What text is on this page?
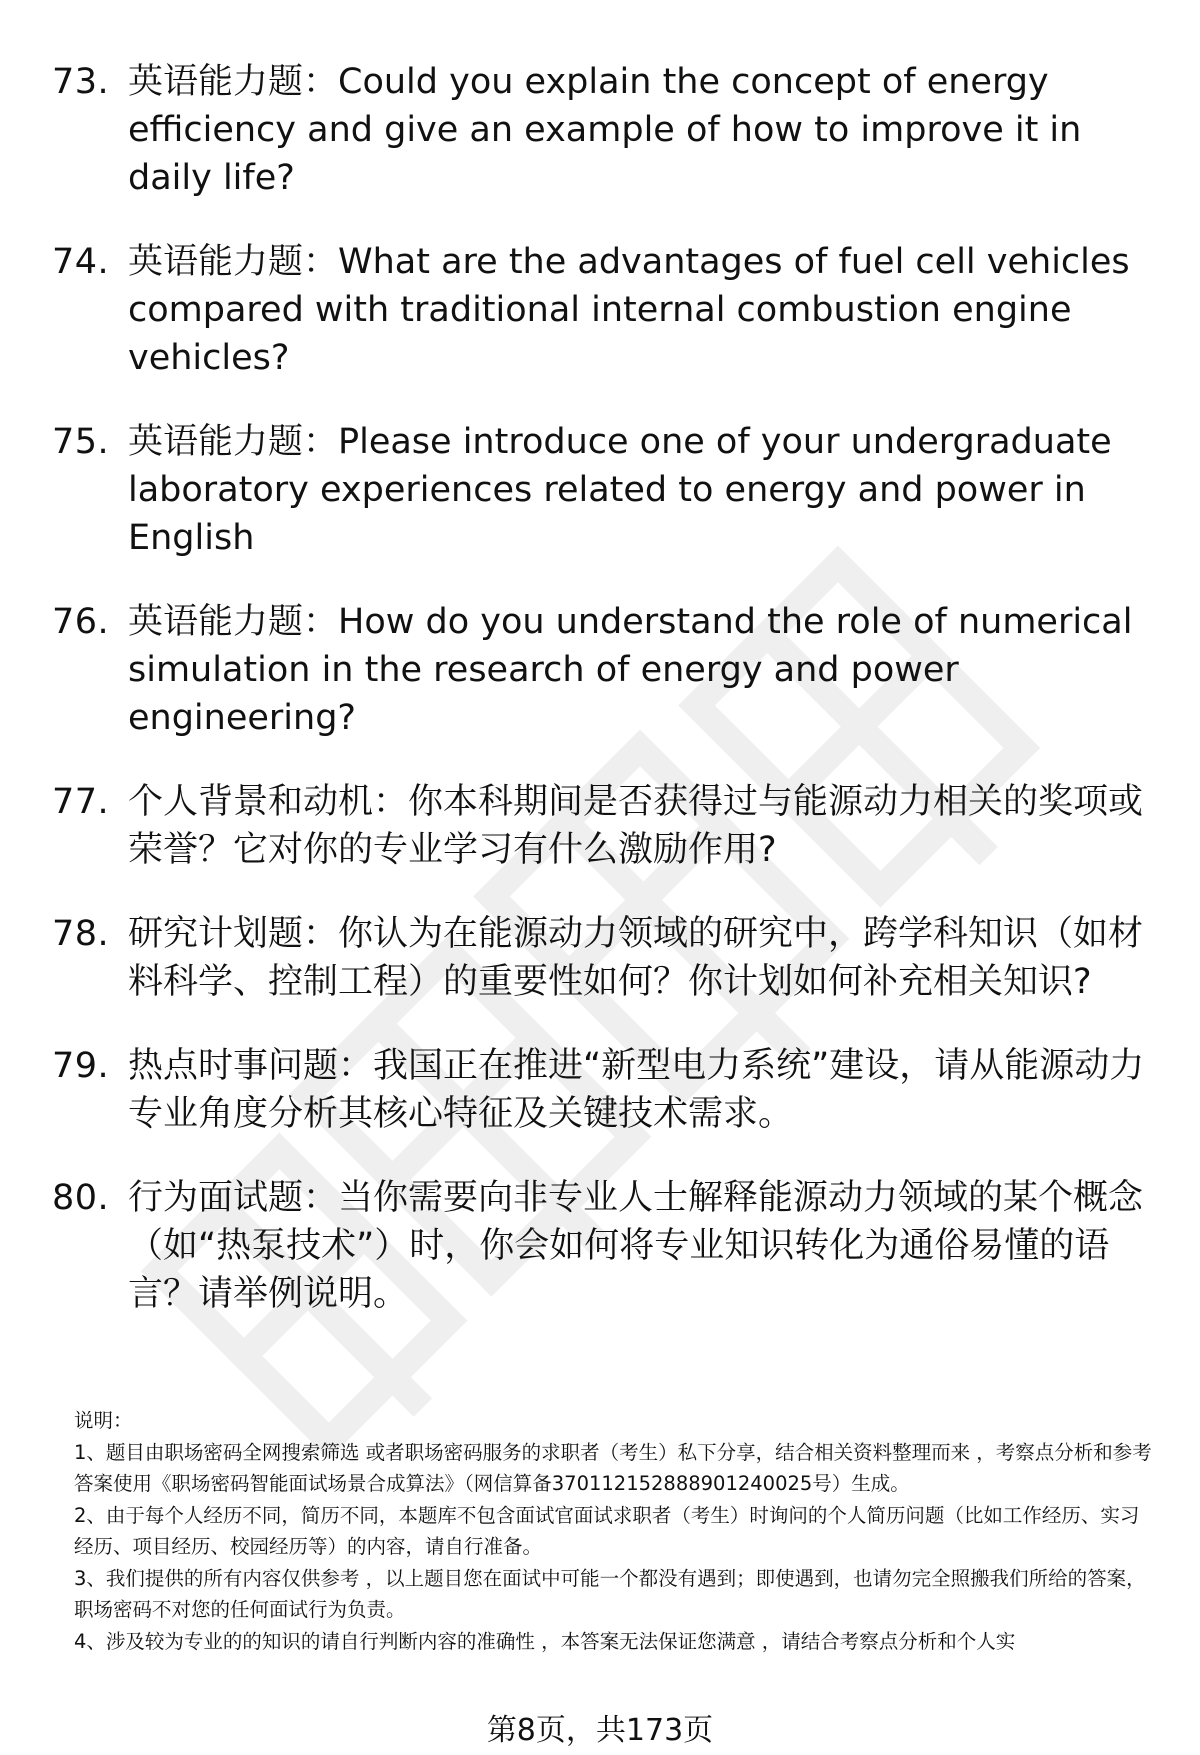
73. 英语能力题：Could you explain the concept of energy efficiency and give an example of how to improve it in daily life?
74. 英语能力题：What are the advantages of fuel cell vehicles compared with traditional internal combustion engine vehicles?
75. 英语能力题：Please introduce one of your undergraduate laboratory experiences related to energy and power in English
76. 英语能力题：How do you understand the role of numerical simulation in the research of energy and power engineering?
77. 个人背景和动机：你本科期间是否获得过与能源动力相关的奖项或荣誉？它对你的专业学习有什么激励作用?
78. 研究计划题：你认为在能源动力领域的研究中，跨学科知识（如材料科学、控制工程）的重要性如何？你计划如何补充相关知识?
79. 热点时事问题：我国正在推进“新型电力系统”建设，请从能源动力专业角度分析其核心特征及关键技术需求。
80. 行为面试题：当你需要向非专业人士解释能源动力领域的某个概念（如“热泵技术”）时，你会如何将专业知识转化为通俗易懂的语言？请举例说明。

说明：

1、题目由职场密码全网搜索筛选 或者职场密码服务的求职者（考生）私下分享，结合相关资料整理而来 ，考察点分析和参考答案使用《职场密码智能面试场景合成算法》（网信算备370112152888901240025号）生成。

2、由于每个人经历不同，简历不同，本题库不包含面试官面试求职者（考生）时询问的个人简历问题（比如工作经历、实习经历、项目经历、校园经历等）的内容，请自行准备。

3、我们提供的所有内容仅供参考 ，以上题目您在面试中可能一个都没有遇到；即使遇到，也请勿完全照搬我们所给的答案，职场密码不对您的任何面试行为负责。

4、涉及较为专业的的知识的请自行判断内容的准确性 ，本答案无法保证您满意 ，请结合考察点分析和个人实

第8页，共173页
